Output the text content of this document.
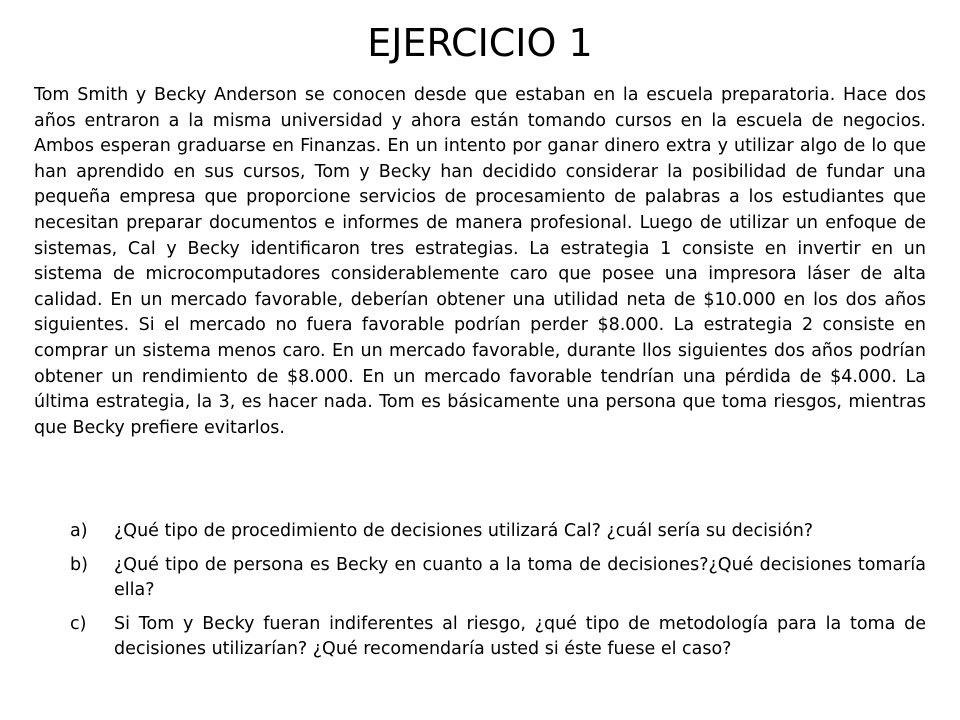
EJERCICIO 1

Tom Smith y Becky Anderson se conocen desde que estaban en la escuela preparatoria. Hace dos años entraron a la misma universidad y ahora están tomando cursos en la escuela de negocios. Ambos esperan graduarse en Finanzas. En un intento por ganar dinero extra y utilizar algo de lo que han aprendido en sus cursos, Tom y Becky han decidido considerar la posibilidad de fundar una pequeña empresa que proporcione servicios de procesamiento de palabras a los estudiantes que necesitan preparar documentos e informes de manera profesional. Luego de utilizar un enfoque de sistemas, Cal y Becky identificaron tres estrategias. La estrategia 1 consiste en invertir en un sistema de microcomputadores considerablemente caro que posee una impresora láser de alta calidad. En un mercado favorable, deberían obtener una utilidad neta de $10.000 en los dos años siguientes. Si el mercado no fuera favorable podrían perder $8.000. La estrategia 2 consiste en comprar un sistema menos caro. En un mercado favorable, durante llos siguientes dos años podrían obtener un rendimiento de $8.000. En un mercado favorable tendrían una pérdida de $4.000. La última estrategia, la 3, es hacer nada. Tom es básicamente una persona que toma riesgos, mientras que Becky prefiere evitarlos.

a) ¿Qué tipo de procedimiento de decisiones utilizará Cal? ¿cuál sería su decisión?
b) ¿Qué tipo de persona es Becky en cuanto a la toma de decisiones?¿Qué decisiones tomaría ella?
c) Si Tom y Becky fueran indiferentes al riesgo, ¿qué tipo de metodología para la toma de decisiones utilizarían? ¿Qué recomendaría usted si éste fuese el caso?
